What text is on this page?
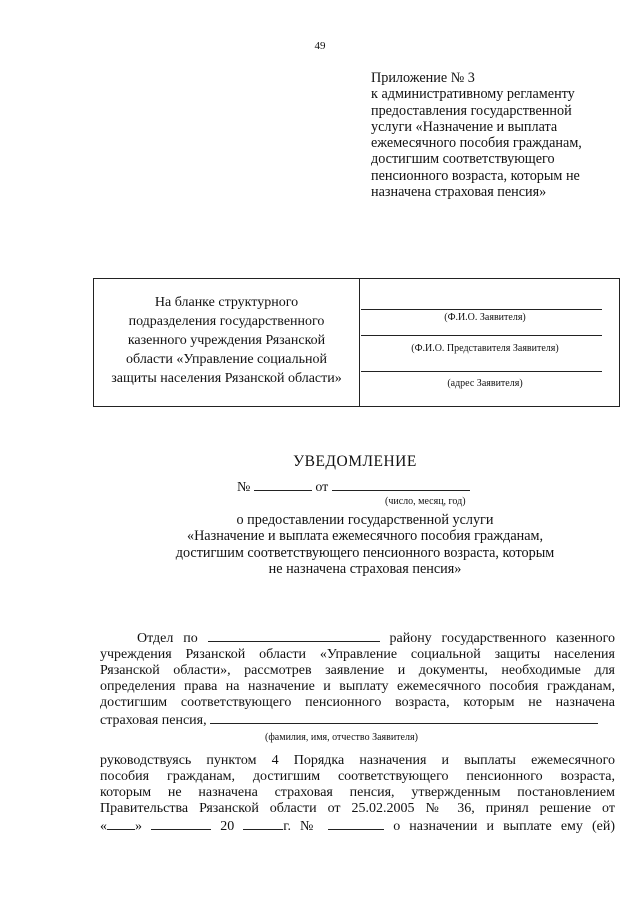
49
Приложение № 3
к административному регламенту
предоставления государственной
услуги «Назначение и выплата
ежемесячного пособия гражданам,
достигшим соответствующего
пенсионного возраста, которым не
назначена страховая пенсия»
На бланке структурного
подразделения государственного
казенного учреждения Рязанской
области «Управление социальной
защиты населения Рязанской области»
(Ф.И.О. Заявителя)
(Ф.И.О. Представителя Заявителя)
(адрес Заявителя)
УВЕДОМЛЕНИЕ
№	от
(число, месяц, год)
о предоставлении государственной услуги
«Назначение и выплата ежемесячного пособия гражданам,
достигшим соответствующего пенсионного возраста, которым
не назначена страховая пенсия»
Отдел по	району государственного казенного
учреждения Рязанской области «Управление социальной защиты населения
Рязанской области», рассмотрев заявление и документы, необходимые для
определения права на назначение и выплату ежемесячного пособия гражданам,
достигшим соответствующего пенсионного возраста, которым не назначена
страховая пенсия,
(фамилия, имя, отчество Заявителя)
руководствуясь пунктом 4 Порядка назначения и выплаты ежемесячного
пособия гражданам, достигшим соответствующего пенсионного возраста,
которым не назначена страховая пенсия, утвержденным постановлением
Правительства Рязанской области от 25.02.2005 № 36, принял решение от
« »	20	г. №	о назначении и выплате ему (ей)
